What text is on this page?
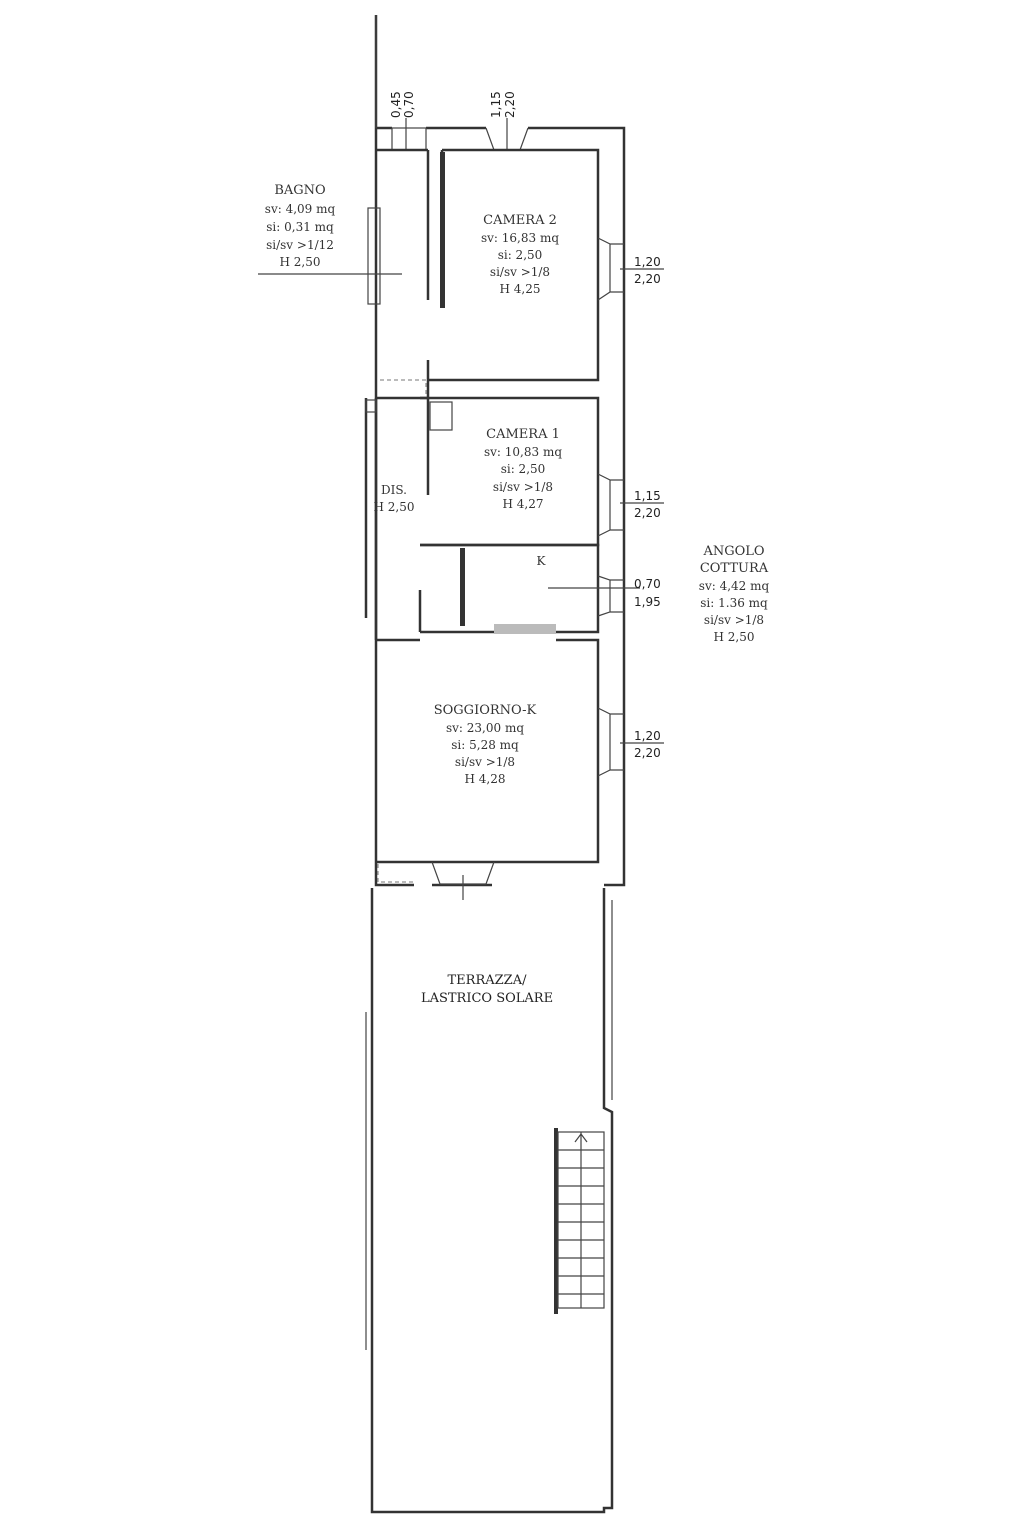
BAGNO
sv: 4,09 mq
si: 0,31 mq
si/sv >1/12
H 2,50
CAMERA 2
sv: 16,83 mq
si: 2,50
si/sv >1/8
H 4,25
CAMERA 1
sv: 10,83 mq
si: 2,50
si/sv >1/8
H 4,27
DIS.
H 2,50
K
ANGOLO
COTTURA
sv: 4,42 mq
si: 1.36 mq
si/sv >1/8
H 2,50
SOGGIORNO-K
sv: 23,00 mq
si: 5,28 mq
si/sv >1/8
H 4,28
TERRAZZA/
LASTRICO SOLARE
0,45 0,70	1,15 2,20
1,20
2,20
1,15
2,20
0,70
1,95
1,20
2,20
